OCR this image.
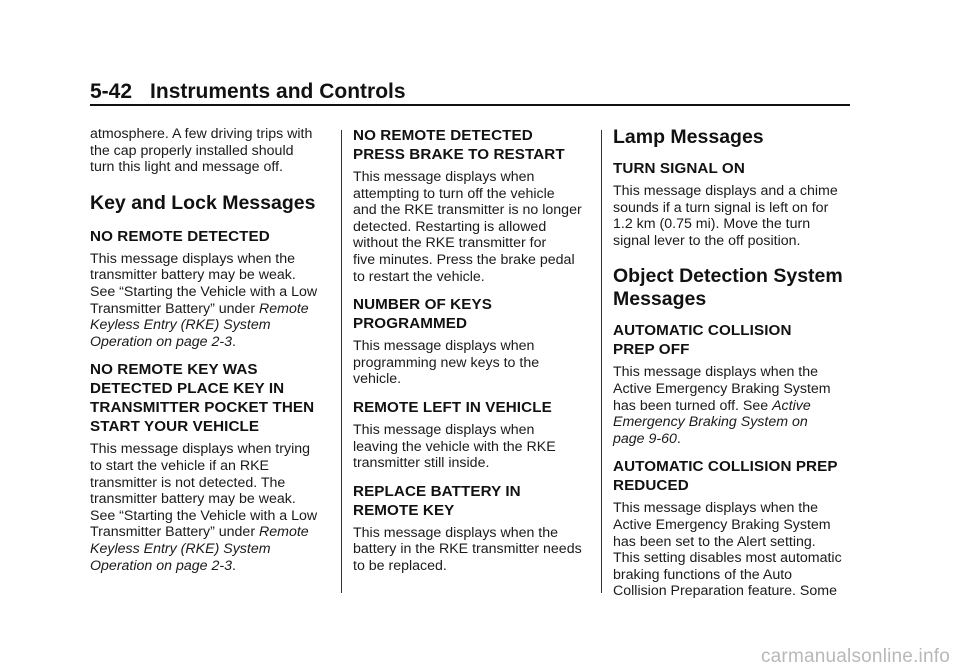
5-42 Instruments and Controls

atmosphere. A few driving trips with
the cap properly installed should
turn this light and message off.

Key and Lock Messages
NO REMOTE DETECTED

This message displays when the
transmitter battery may be weak.
See “Starting the Vehicle with a Low
Transmitter Battery” under Remote
Keyless Entry (RKE) System
Operation on page 2-3.

NO REMOTE KEY WAS
DETECTED PLACE KEY IN
TRANSMITTER POCKET THEN
START YOUR VEHICLE

This message displays when trying
to start the vehicle if an RKE
transmitter is not detected. The
transmitter battery may be weak.
See “Starting the Vehicle with a Low
Transmitter Battery” under Remote
Keyless Entry (RKE) System
Operation on page 2-3.

NO REMOTE DETECTED
PRESS BRAKE TO RESTART

This message displays when
attempting to turn off the vehicle
and the RKE transmitter is no longer
detected. Restarting is allowed
without the RKE transmitter for
five minutes. Press the brake pedal
to restart the vehicle.

NUMBER OF KEYS
PROGRAMMED

This message displays when
programming new keys to the
vehicle.

REMOTE LEFT IN VEHICLE

This message displays when
leaving the vehicle with the RKE
transmitter still inside.

REPLACE BATTERY IN
REMOTE KEY

This message displays when the
battery in the RKE transmitter needs
to be replaced.

Lamp Messages
TURN SIGNAL ON

This message displays and a chime
sounds if a turn signal is left on for
1.2 km (0.75 mi). Move the turn
signal lever to the off position.

Object Detection System
Messages
AUTOMATIC COLLISION
PREP OFF

This message displays when the
Active Emergency Braking System
has been turned off. See Active
Emergency Braking System on
page 9-60.

AUTOMATIC COLLISION PREP
REDUCED

This message displays when the
Active Emergency Braking System
has been set to the Alert setting.
This setting disables most automatic
braking functions of the Auto
Collision Preparation feature. Some

carmanualsonline.info
